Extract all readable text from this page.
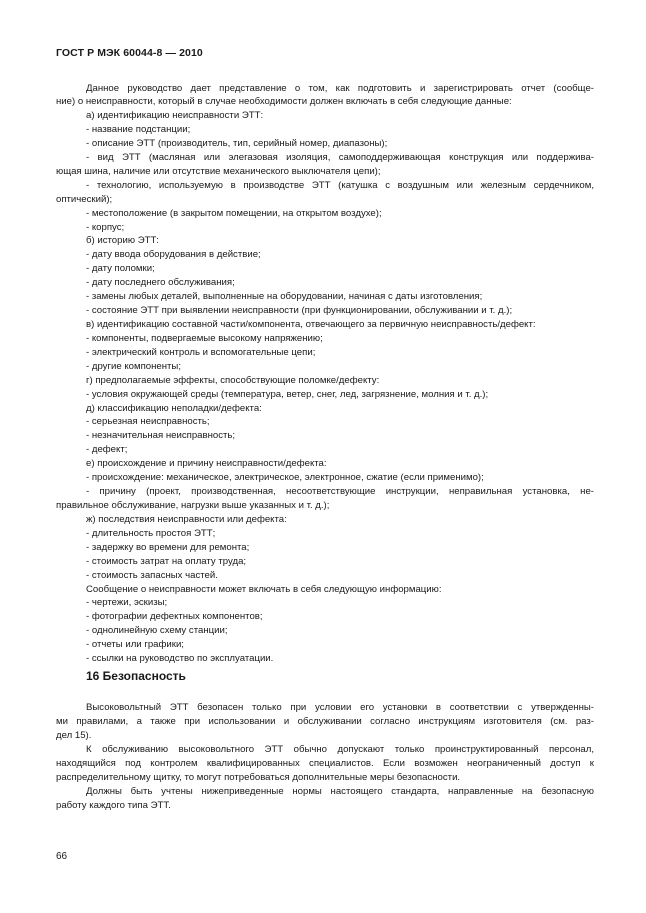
ГОСТ Р МЭК 60044-8 — 2010
Данное руководство дает представление о том, как подготовить и зарегистрировать отчет (сообще-
ние) о неисправности, который в случае необходимости должен включать в себя следующие данные:
а) идентификацию неисправности ЭТТ:
- название подстанции;
- описание ЭТТ (производитель, тип, серийный номер, диапазоны);
- вид ЭТТ (масляная или элегазовая изоляция, самоподдерживающая конструкция или поддержива-
ющая шина, наличие или отсутствие механического выключателя цепи);
- технологию, используемую в производстве ЭТТ (катушка с воздушным или железным сердечником,
оптический);
- местоположение (в закрытом помещении, на открытом воздухе);
- корпус;
б) историю ЭТТ:
- дату ввода оборудования в действие;
- дату поломки;
- дату последнего обслуживания;
- замены любых деталей, выполненные на оборудовании, начиная с даты изготовления;
- состояние ЭТТ при выявлении неисправности (при функционировании, обслуживании и т. д.);
в) идентификацию составной части/компонента, отвечающего за первичную неисправность/дефект:
- компоненты, подвергаемые высокому напряжению;
- электрический контроль и вспомогательные цепи;
- другие компоненты;
г) предполагаемые эффекты, способствующие поломке/дефекту:
- условия окружающей среды (температура, ветер, снег, лед, загрязнение, молния и т. д.);
д) классификацию неполадки/дефекта:
- серьезная неисправность;
- незначительная неисправность;
- дефект;
е) происхождение и причину неисправности/дефекта:
- происхождение: механическое, электрическое, электронное, сжатие (если применимо);
- причину (проект, производственная, несоответствующие инструкции, неправильная установка, не-
правильное обслуживание, нагрузки выше указанных и т. д.);
ж) последствия неисправности или дефекта:
- длительность простоя ЭТТ;
- задержку во времени для ремонта;
- стоимость затрат на оплату труда;
- стоимость запасных частей.
Сообщение о неисправности может включать в себя следующую информацию:
- чертежи, эскизы;
- фотографии дефектных компонентов;
- однолинейную схему станции;
- отчеты или графики;
- ссылки на руководство по эксплуатации.
16 Безопасность
Высоковольтный ЭТТ безопасен только при условии его установки в соответствии с утвержденны-
ми правилами, а также при использовании и обслуживании согласно инструкциям изготовителя (см. раз-
дел 15).
К обслуживанию высоковольтного ЭТТ обычно допускают только проинструктированный персонал,
находящийся под контролем квалифицированных специалистов. Если возможен неограниченный доступ к
распределительному щитку, то могут потребоваться дополнительные меры безопасности.
Должны быть учтены нижеприведенные нормы настоящего стандарта, направленные на безопасную
работу каждого типа ЭТТ.
66
